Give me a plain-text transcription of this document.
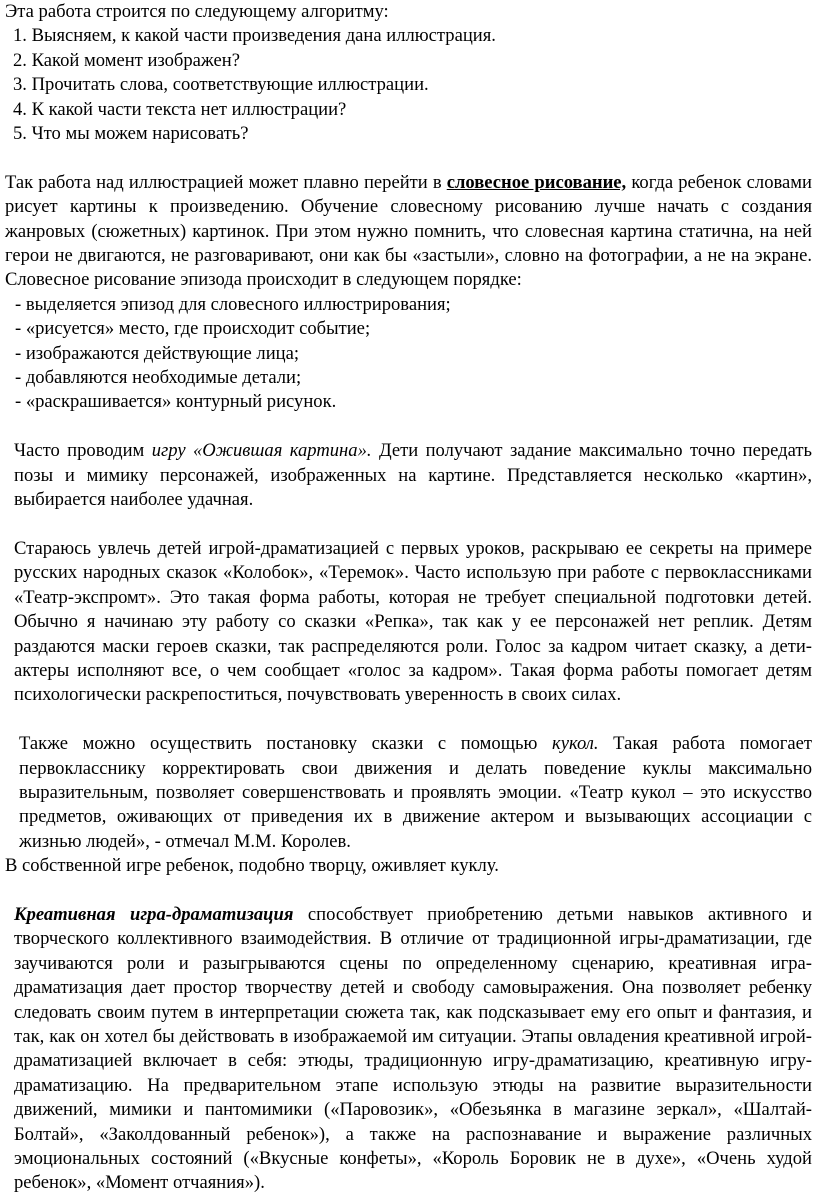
Эта работа строится по следующему алгоритму:

1. Выясняем, к какой части произведения дана иллюстрация.

2. Какой момент изображен?

3. Прочитать слова, соответствующие иллюстрации.

4. К какой части текста нет иллюстрации?

5. Что мы можем нарисовать?

Так работа над иллюстрацией может плавно перейти в словесное рисование, когда ребенок словами рисует картины к произведению. Обучение словесному рисованию лучше начать с создания жанровых (сюжетных) картинок. При этом нужно помнить, что словесная картина статична, на ней герои не двигаются, не разговаривают, они как бы «застыли», словно на фотографии, а не на экране. Словесное рисование эпизода происходит в следующем порядке:

- выделяется эпизод для словесного иллюстрирования;

- «рисуется» место, где происходит событие;

- изображаются действующие лица;

- добавляются необходимые детали;

- «раскрашивается» контурный рисунок.

Часто проводим игру «Ожившая картина». Дети получают задание максимально точно передать позы и мимику персонажей, изображенных на картине. Представляется несколько «картин», выбирается наиболее удачная.

Стараюсь увлечь детей игрой-драматизацией с первых уроков, раскрываю ее секреты на примере русских народных сказок «Колобок», «Теремок». Часто использую при работе с первоклассниками «Театр-экспромт». Это такая форма работы, которая не требует специальной подготовки детей. Обычно я начинаю эту работу со сказки «Репка», так как у ее персонажей нет реплик. Детям раздаются маски героев сказки, так распределяются роли. Голос за кадром читает сказку, а дети-актеры исполняют все, о чем сообщает «голос за кадром». Такая форма работы помогает детям психологически раскрепоститься, почувствовать уверенность в своих силах.

Также можно осуществить постановку сказки с помощью кукол. Такая работа помогает первокласснику корректировать свои движения и делать поведение куклы максимально выразительным, позволяет совершенствовать и проявлять эмоции. «Театр кукол – это искусство предметов, оживающих от приведения их в движение актером и вызывающих ассоциации с жизнью людей», - отмечал М.М. Королев.

В собственной игре ребенок, подобно творцу, оживляет куклу.

Креативная игра-драматизация способствует приобретению детьми навыков активного и творческого коллективного взаимодействия. В отличие от традиционной игры-драматизации, где заучиваются роли и разыгрываются сцены по определенному сценарию, креативная игра-драматизация дает простор творчеству детей и свободу самовыражения. Она позволяет ребенку следовать своим путем в интерпретации сюжета так, как подсказывает ему его опыт и фантазия, и так, как он хотел бы действовать в изображаемой им ситуации. Этапы овладения креативной игрой-драматизацией включает в себя: этюды, традиционную игру-драматизацию, креативную игру-драматизацию. На предварительном этапе использую этюды на развитие выразительности движений, мимики и пантомимики («Паровозик», «Обезьянка в магазине зеркал», «Шалтай-Болтай», «Заколдованный ребенок»), а также на распознавание и выражение различных эмоциональных состояний («Вкусные конфеты», «Король Боровик не в духе», «Очень худой ребенок», «Момент отчаяния»).
